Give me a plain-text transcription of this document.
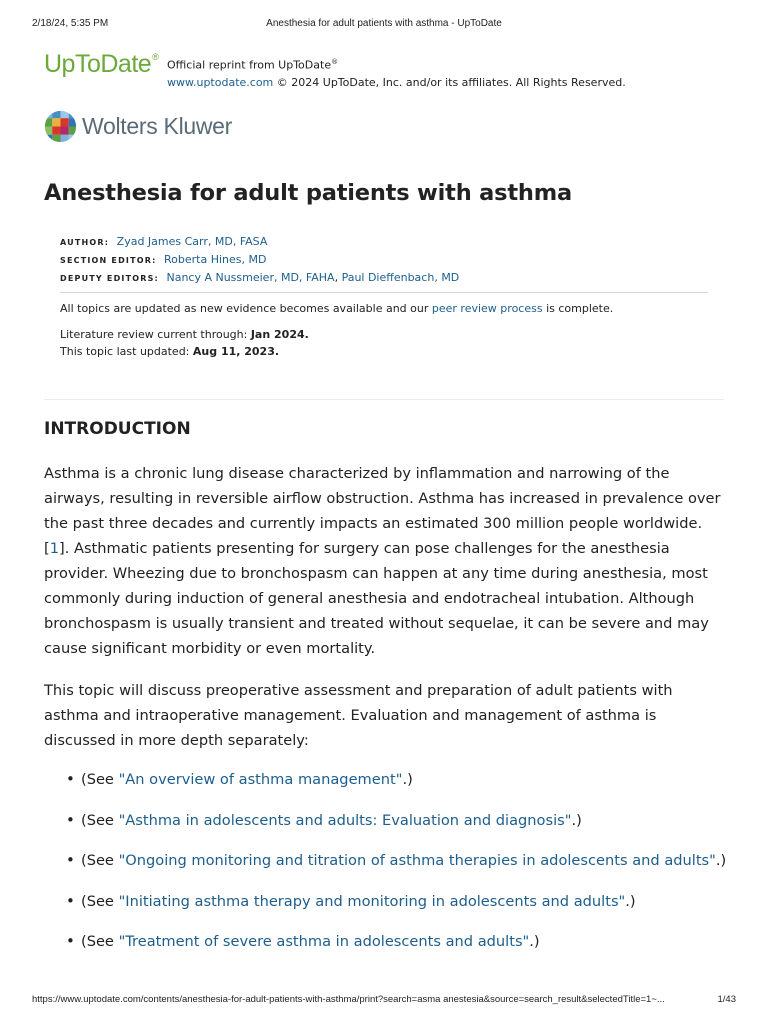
2/18/24, 5:35 PM	Anesthesia for adult patients with asthma - UpToDate
UpToDate®
Official reprint from UpToDate®
www.uptodate.com © 2024 UpToDate, Inc. and/or its affiliates. All Rights Reserved.
Wolters Kluwer
Anesthesia for adult patients with asthma
AUTHOR: Zyad James Carr, MD, FASA
SECTION EDITOR: Roberta Hines, MD
DEPUTY EDITORS: Nancy A Nussmeier, MD, FAHA, Paul Dieffenbach, MD
All topics are updated as new evidence becomes available and our peer review process is complete.
Literature review current through: Jan 2024.
This topic last updated: Aug 11, 2023.
INTRODUCTION

Asthma is a chronic lung disease characterized by inflammation and narrowing of the airways, resulting in reversible airflow obstruction. Asthma has increased in prevalence over the past three decades and currently impacts an estimated 300 million people worldwide. [1]. Asthmatic patients presenting for surgery can pose challenges for the anesthesia provider. Wheezing due to bronchospasm can happen at any time during anesthesia, most commonly during induction of general anesthesia and endotracheal intubation. Although bronchospasm is usually transient and treated without sequelae, it can be severe and may cause significant morbidity or even mortality.

This topic will discuss preoperative assessment and preparation of adult patients with asthma and intraoperative management. Evaluation and management of asthma is discussed in more depth separately:

• (See "An overview of asthma management".)
• (See "Asthma in adolescents and adults: Evaluation and diagnosis".)
• (See "Ongoing monitoring and titration of asthma therapies in adolescents and adults".)
• (See "Initiating asthma therapy and monitoring in adolescents and adults".)
• (See "Treatment of severe asthma in adolescents and adults".)
https://www.uptodate.com/contents/anesthesia-for-adult-patients-with-asthma/print?search=asma anestesia&source=search_result&selectedTitle=1~...	1/43
